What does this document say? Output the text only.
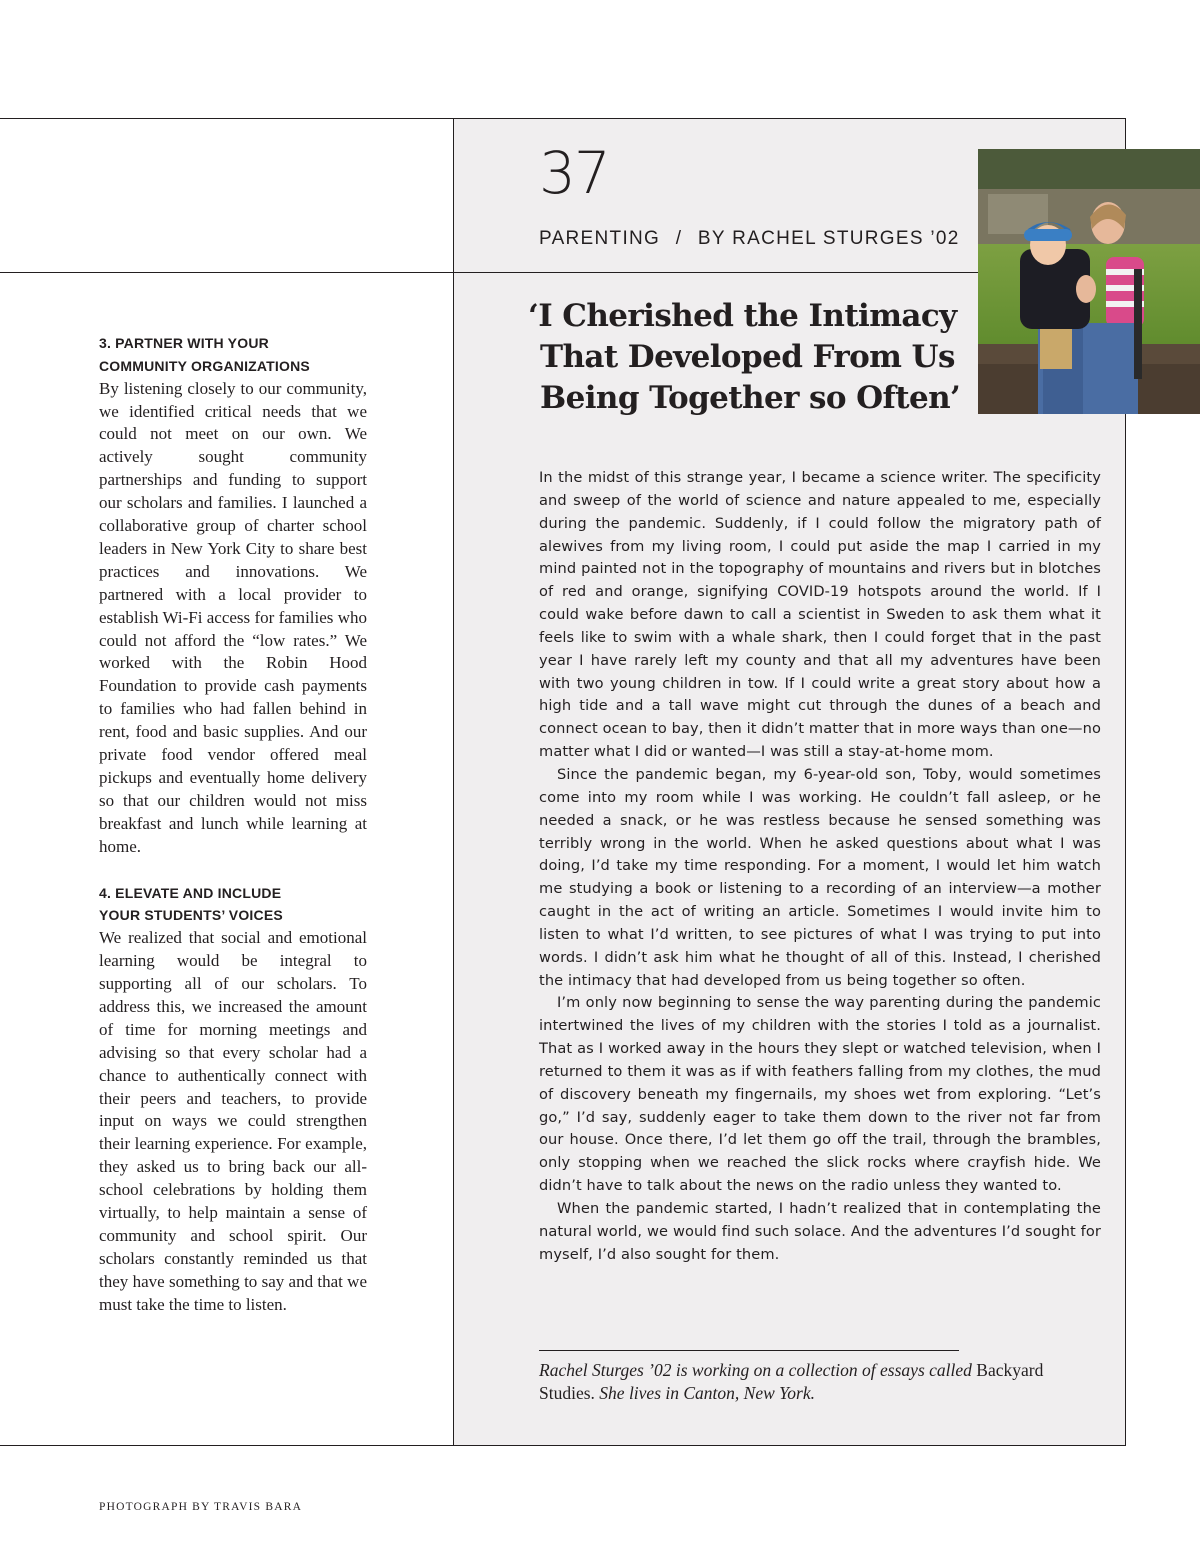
37

PARENTING / BY RACHEL STURGES ’02

‘I Cherished the Intimacy
That Developed From Us
Being Together so Often’
3. PARTNER WITH YOUR
COMMUNITY ORGANIZATIONS

By listening closely to our community, we identified critical needs that we could not meet on our own. We actively sought community partnerships and funding to support our scholars and families. I launched a collaborative group of charter school leaders in New York City to share best practices and innovations. We partnered with a local provider to establish Wi-Fi access for families who could not afford the “low rates.” We worked with the Robin Hood Foundation to provide cash payments to families who had fallen behind in rent, food and basic supplies. And our private food vendor offered meal pickups and eventually home delivery so that our children would not miss breakfast and lunch while learning at home.

4. ELEVATE AND INCLUDE
YOUR STUDENTS’ VOICES

We realized that social and emotional learning would be integral to supporting all of our scholars. To address this, we increased the amount of time for morning meetings and advising so that every scholar had a chance to authentically connect with their peers and teachers, to provide input on ways we could strengthen their learning experience. For example, they asked us to bring back our all-school celebrations by holding them virtually, to help maintain a sense of community and school spirit. Our scholars constantly reminded us that they have something to say and that we must take the time to listen.

In the midst of this strange year, I became a science writer. The specificity and sweep of the world of science and nature appealed to me, especially during the pandemic. Suddenly, if I could follow the migratory path of alewives from my living room, I could put aside the map I carried in my mind painted not in the topography of mountains and rivers but in blotches of red and orange, signifying COVID-19 hotspots around the world. If I could wake before dawn to call a scientist in Sweden to ask them what it feels like to swim with a whale shark, then I could forget that in the past year I have rarely left my county and that all my adventures have been with two young children in tow. If I could write a great story about how a high tide and a tall wave might cut through the dunes of a beach and connect ocean to bay, then it didn’t matter that in more ways than one—no matter what I did or wanted—I was still a stay-at-home mom.

Since the pandemic began, my 6-year-old son, Toby, would sometimes come into my room while I was working. He couldn’t fall asleep, or he needed a snack, or he was restless because he sensed something was terribly wrong in the world. When he asked questions about what I was doing, I’d take my time responding. For a moment, I would let him watch me studying a book or listening to a recording of an interview—a mother caught in the act of writing an article. Sometimes I would invite him to listen to what I’d written, to see pictures of what I was trying to put into words. I didn’t ask him what he thought of all of this. Instead, I cherished the intimacy that had developed from us being together so often.

I’m only now beginning to sense the way parenting during the pandemic intertwined the lives of my children with the stories I told as a journalist. That as I worked away in the hours they slept or watched television, when I returned to them it was as if with feathers falling from my clothes, the mud of discovery beneath my fingernails, my shoes wet from exploring. “Let’s go,” I’d say, suddenly eager to take them down to the river not far from our house. Once there, I’d let them go off the trail, through the brambles, only stopping when we reached the slick rocks where crayfish hide. We didn’t have to talk about the news on the radio unless they wanted to.

When the pandemic started, I hadn’t realized that in contemplating the natural world, we would find such solace. And the adventures I’d sought for myself, I’d also sought for them.

Rachel Sturges ’02 is working on a collection of essays called Backyard Studies. She lives in Canton, New York.

PHOTOGRAPH BY TRAVIS BARA
